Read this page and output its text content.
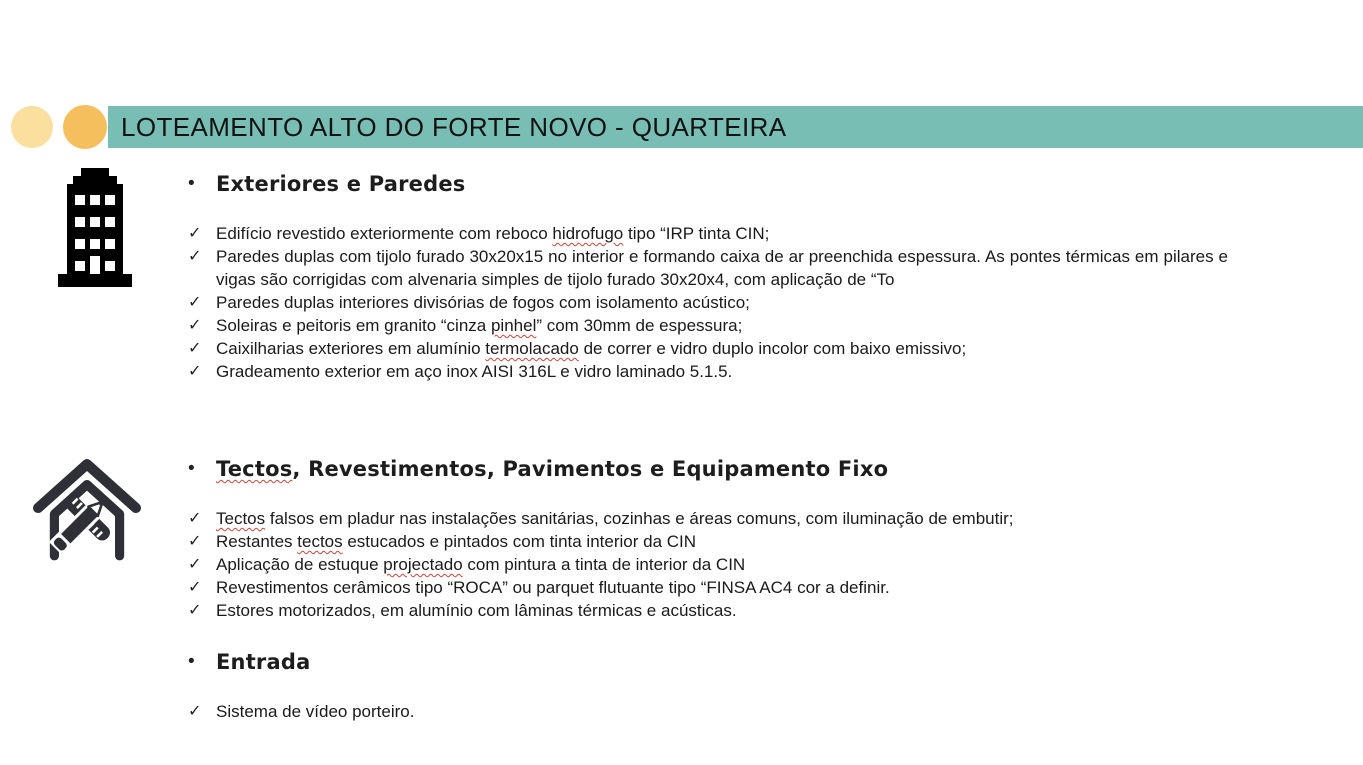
LOTEAMENTO ALTO DO FORTE NOVO - QUARTEIRA
•	Exteriores e Paredes
✓ Edifício revestido exteriormente com reboco hidrofugo tipo “IRP tinta CIN;

✓ Paredes duplas com tijolo furado 30x20x15 no interior e formando caixa de ar preenchida espessura. As pontes térmicas em pilares e vigas são corrigidas com alvenaria simples de tijolo furado 30x20x4, com aplicação de “To

✓ Paredes duplas interiores divisórias de fogos com isolamento acústico;

✓ Soleiras e peitoris em granito “cinza pinhel” com 30mm de espessura;

✓ Caixilharias exteriores em alumínio termolacado de correr e vidro duplo incolor com baixo emissivo;

✓ Gradeamento exterior em aço inox AISI 316L e vidro laminado 5.1.5.

•	Tectos, Revestimentos, Pavimentos e Equipamento Fixo
✓ Tectos falsos em pladur nas instalações sanitárias, cozinhas e áreas comuns, com iluminação de embutir;

✓ Restantes tectos estucados e pintados com tinta interior da CIN

✓ Aplicação de estuque projectado com pintura a tinta de interior da CIN

✓ Revestimentos cerâmicos tipo “ROCA” ou parquet flutuante tipo “FINSA AC4 cor a definir.

✓ Estores motorizados, em alumínio com lâminas térmicas e acústicas.

•	Entrada
✓ Sistema de vídeo porteiro.
